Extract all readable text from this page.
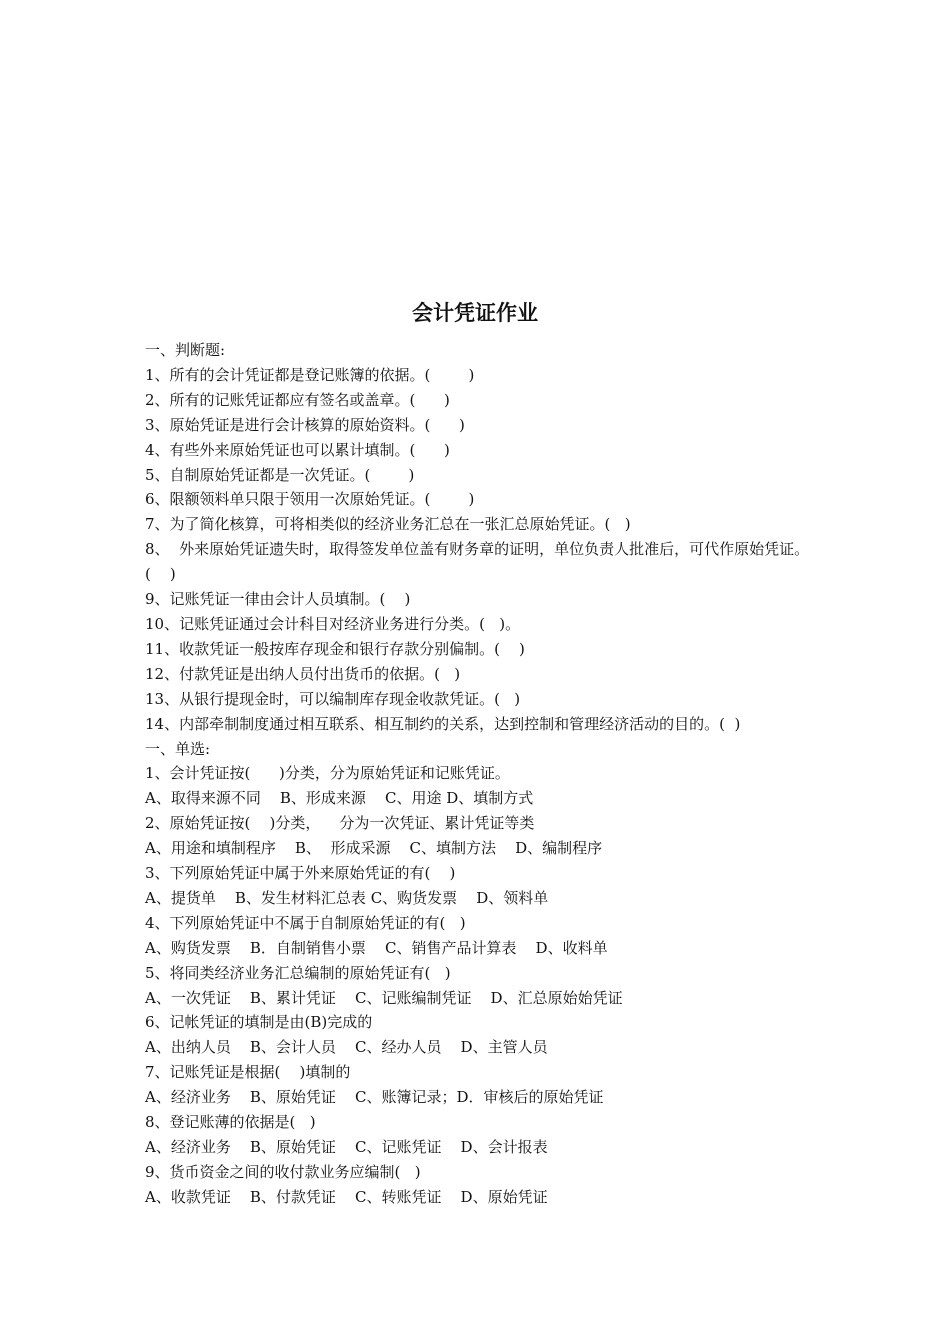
会计凭证作业

一、判断题:

1、所有的会计凭证都是登记账簿的依据。(        )

2、所有的记账凭证都应有签名或盖章。(      )

3、原始凭证是进行会计核算的原始资料。(      )

4、有些外来原始凭证也可以累计填制。(      )

5、自制原始凭证都是一次凭证。(        )

6、限额领料单只限于领用一次原始凭证。(        )

7、为了简化核算，可将相类似的经济业务汇总在一张汇总原始凭证。(   )

8、  外来原始凭证遗失时，取得签发单位盖有财务章的证明，单位负责人批准后，可代作原始凭证。(    )

9、记账凭证一律由会计人员填制。(    )

10、记账凭证通过会计科目对经济业务进行分类。(   )。

11、收款凭证一般按库存现金和银行存款分别偏制。(    )

12、付款凭证是出纳人员付出货币的依据。(   )

13、从银行提现金时，可以编制库存现金收款凭证。(   )

14、内部牵制制度通过相互联系、相互制约的关系，达到控制和管理经济活动的目的。(  )

一、单选:

1、会计凭证按(      )分类，分为原始凭证和记账凭证。

A、取得来源不同    B、形成来源    C、用途 D、填制方式

2、原始凭证按(    )分类，    分为一次凭证、累计凭证等类

A、用途和填制程序    B、  形成采源    C、填制方法    D、编制程序

3、下列原始凭证中属于外来原始凭证的有(    )

A、提货单    B、发生材料汇总表 C、购货发票    D、领料单

4、下列原始凭证中不属于自制原始凭证的有(   )

A、购货发票    B．自制销售小票    C、销售产品计算表    D、收料单

5、将同类经济业务汇总编制的原始凭证有(   )

A、一次凭证    B、累计凭证    C、记账编制凭证    D、汇总原始始凭证

6、记帐凭证的填制是由(B)完成的

A、出纳人员    B、会计人员    C、经办人员    D、主管人员

7、记账凭证是根据(    )填制的

A、经济业务    B、原始凭证    C、账簿记录；D．审核后的原始凭证

8、登记账薄的依据是(   )

A、经济业务    B、原始凭证    C、记账凭证    D、会计报表

9、货币资金之间的收付款业务应编制(   )

A、收款凭证    B、付款凭证    C、转账凭证    D、原始凭证
